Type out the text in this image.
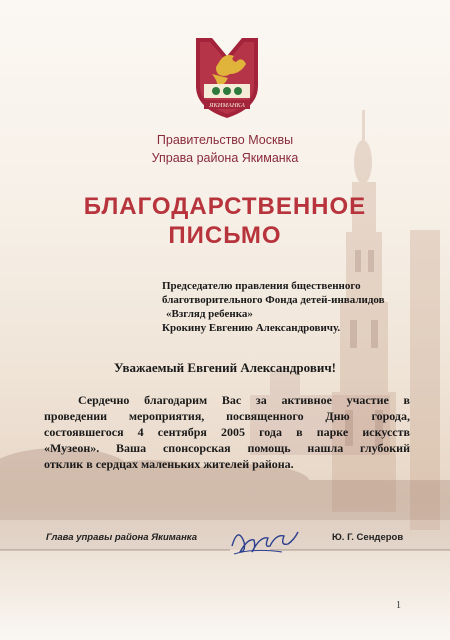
ЯКИМАНКА
Правительство Москвы
Управа района Якиманка
БЛАГОДАРСТВЕННОЕ
ПИСЬМО
Председателю правления бщественного
благотворительного Фонда детей-инвалидов
«Взгляд ребенка»
Крокину Евгению Александровичу.
Уважаемый Евгений Александрович!
Сердечно благодарим Вас за активное участие в
проведении мероприятия, посвященного Дню города,
состоявшегося 4 сентября 2005 года в парке искусств
«Музеон». Ваша спонсорская помощь нашла глубокий
отклик в сердцах маленьких жителей района.
Глава управы района Якиманка	Ю. Г. Сендеров
1
